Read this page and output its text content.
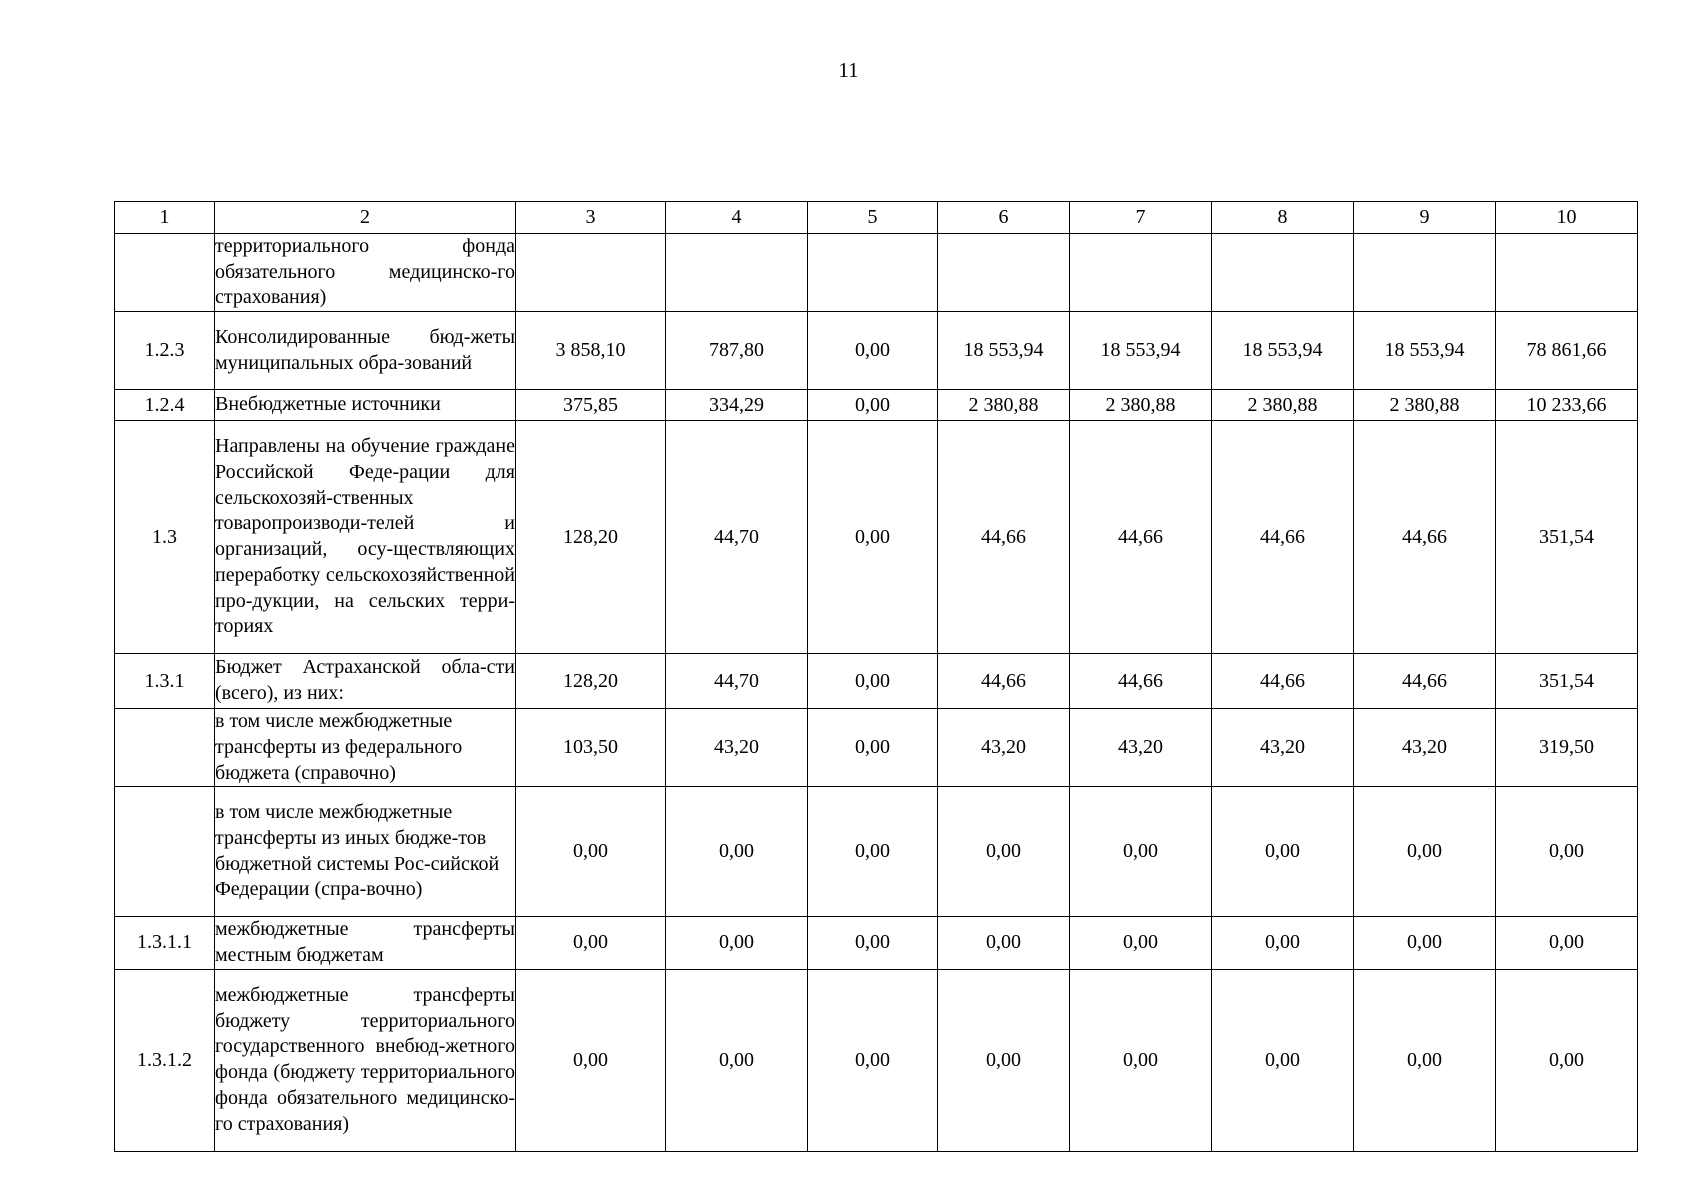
11
1	2	3	4	5	6	7	8	9	10
	территориального фонда обязательного медицинско-го страхования)								
1.2.3	Консолидированные бюд-жеты муниципальных обра-зований	3 858,10	787,80	0,00	18 553,94	18 553,94	18 553,94	18 553,94	78 861,66
1.2.4	Внебюджетные источники	375,85	334,29	0,00	2 380,88	2 380,88	2 380,88	2 380,88	10 233,66
1.3	Направлены на обучение граждане Российской Феде-рации для сельскохозяй-ственных товаропроизводи-телей и организаций, осу-ществляющих переработку сельскохозяйственной про-дукции, на сельских терри-ториях	128,20	44,70	0,00	44,66	44,66	44,66	44,66	351,54
1.3.1	Бюджет Астраханской обла-сти (всего), из них:	128,20	44,70	0,00	44,66	44,66	44,66	44,66	351,54
	в том числе межбюджетные трансферты из федерального бюджета (справочно)	103,50	43,20	0,00	43,20	43,20	43,20	43,20	319,50
	в том числе межбюджетные трансферты из иных бюдже-тов бюджетной системы Рос-сийской Федерации (спра-вочно)	0,00	0,00	0,00	0,00	0,00	0,00	0,00	0,00
1.3.1.1	межбюджетные трансферты местным бюджетам	0,00	0,00	0,00	0,00	0,00	0,00	0,00	0,00
1.3.1.2	межбюджетные трансферты бюджету территориального государственного внебюд-жетного фонда (бюджету территориального фонда обязательного медицинско-го страхования)	0,00	0,00	0,00	0,00	0,00	0,00	0,00	0,00
